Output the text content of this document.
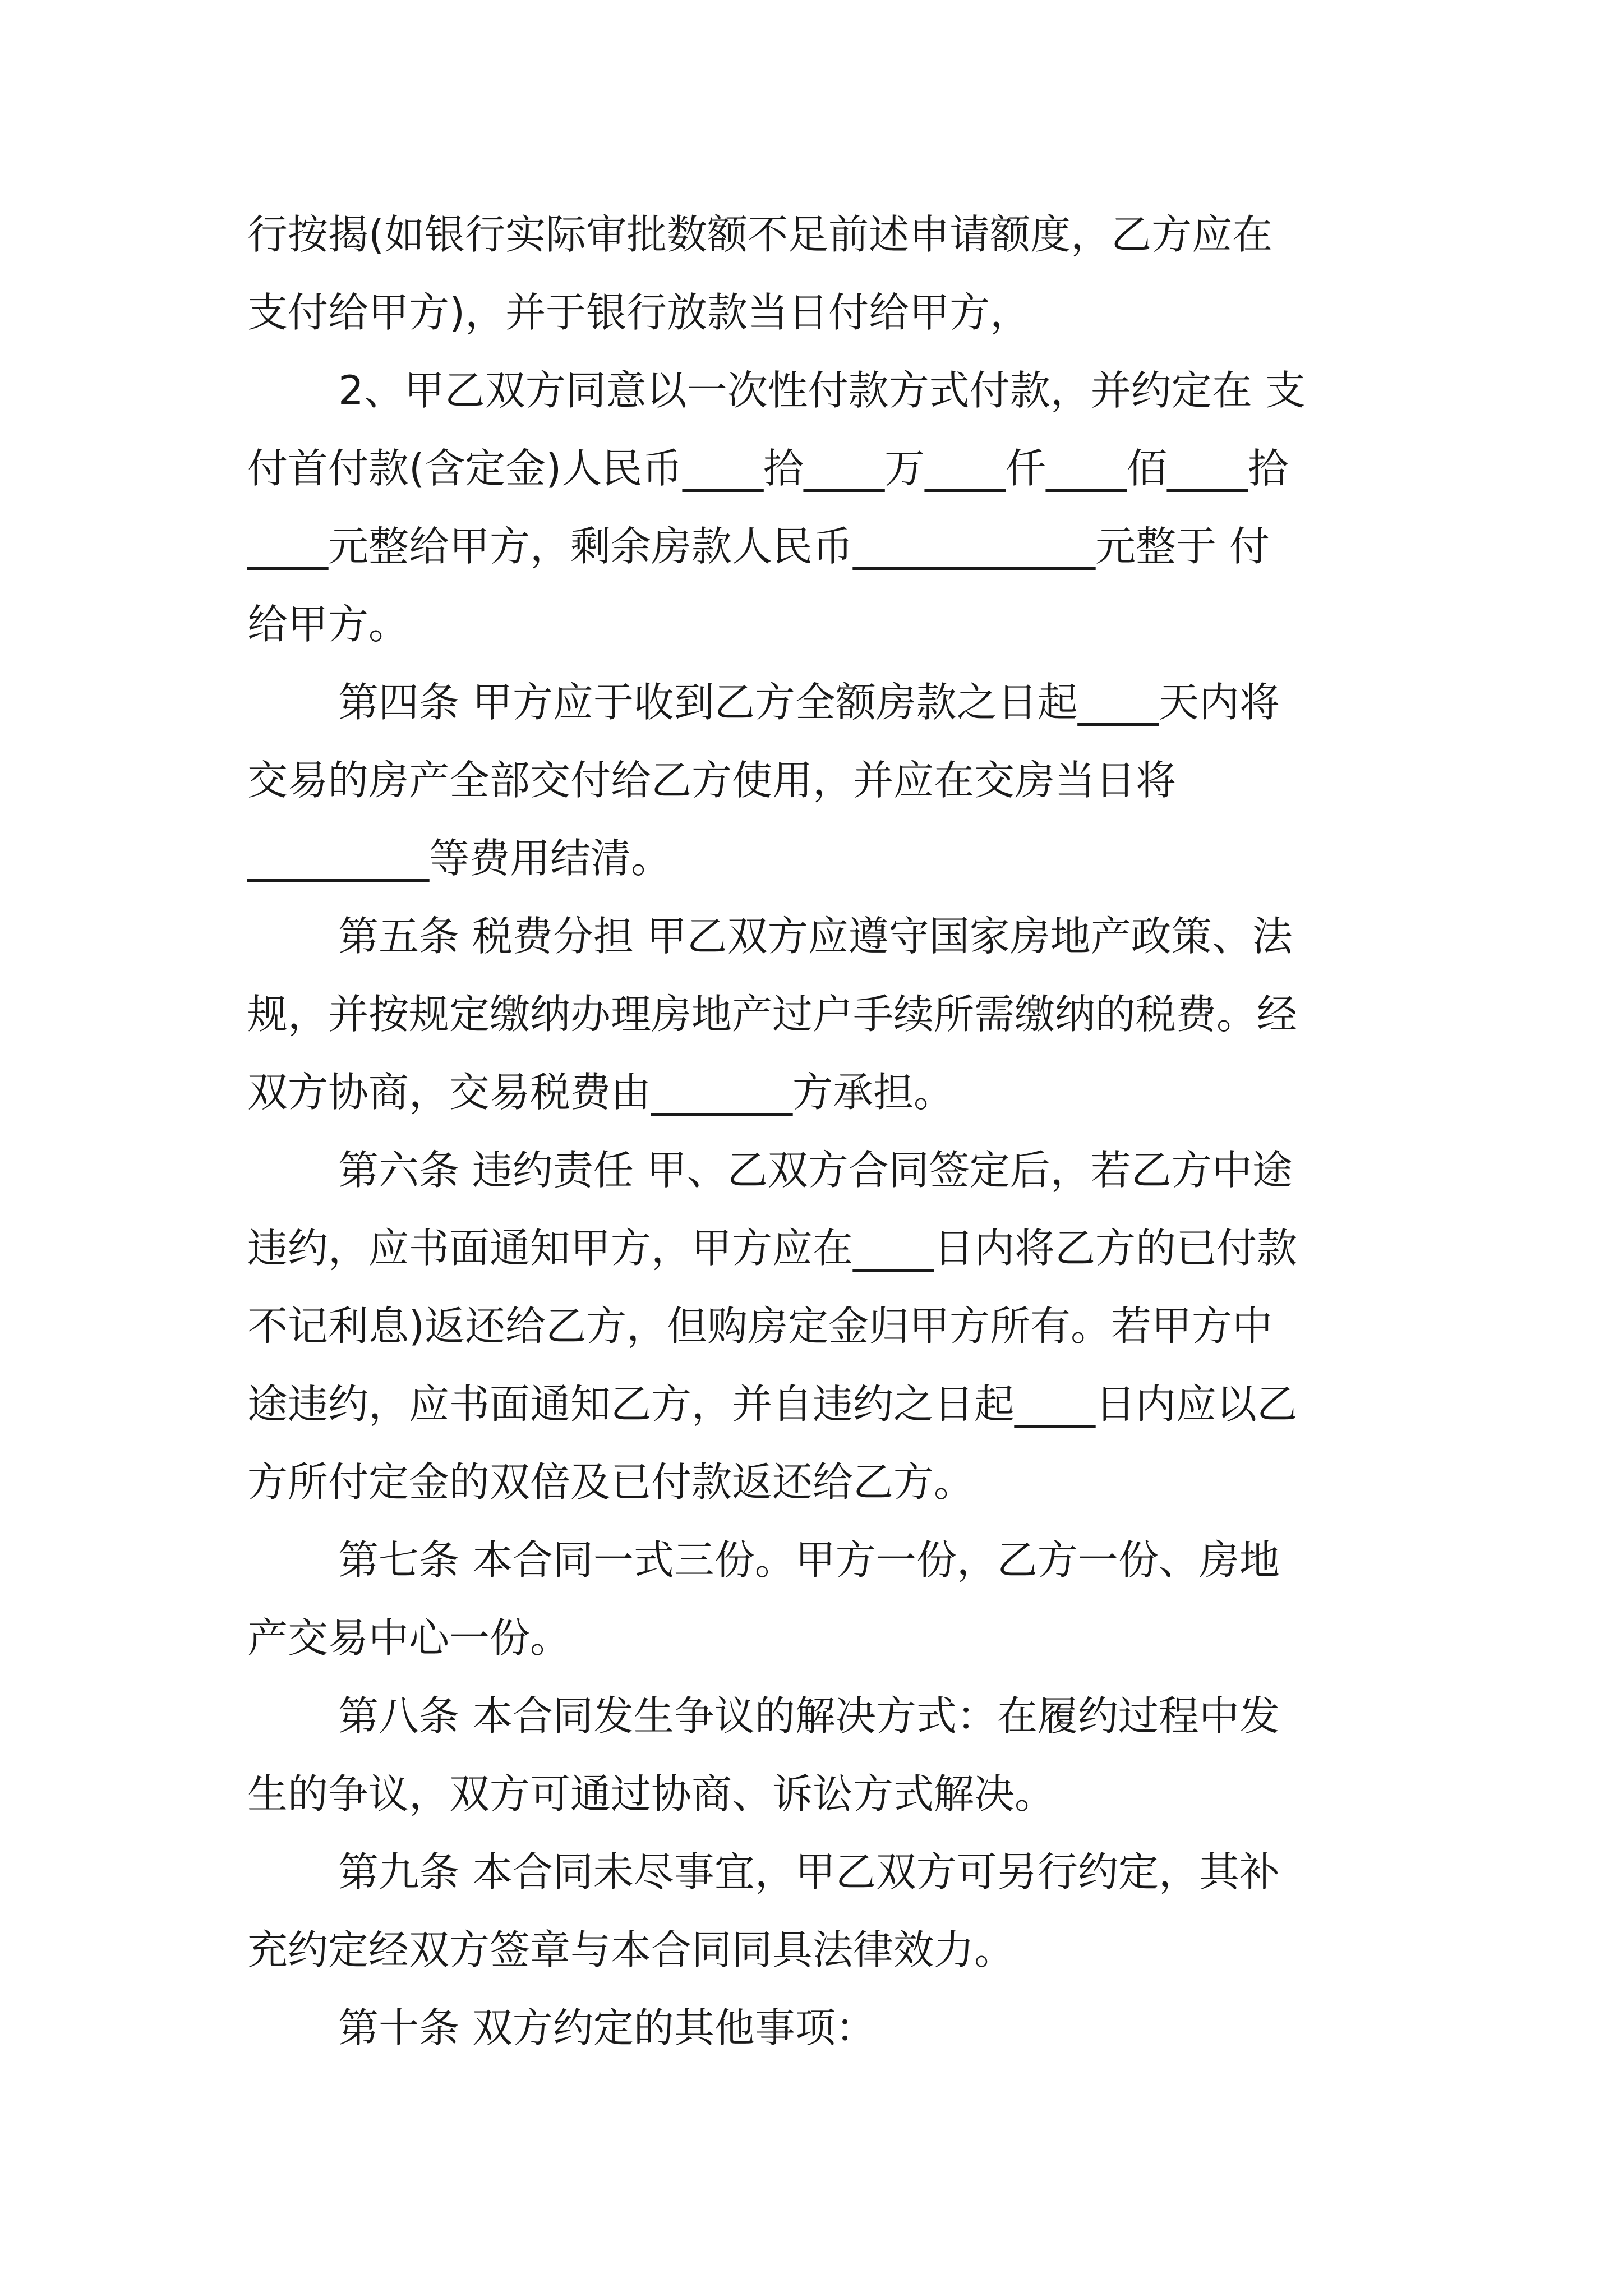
行按揭(如银行实际审批数额不足前述申请额度，乙方应在
支付给甲方)，并于银行放款当日付给甲方，
2、甲乙双方同意以一次性付款方式付款，并约定在 支
付首付款(含定金)人民币____拾____万____仟____佰____拾
____元整给甲方，剩余房款人民币____________元整于 付
给甲方。
第四条 甲方应于收到乙方全额房款之日起____天内将
交易的房产全部交付给乙方使用，并应在交房当日将
_________等费用结清。
第五条 税费分担 甲乙双方应遵守国家房地产政策、法
规，并按规定缴纳办理房地产过户手续所需缴纳的税费。经
双方协商，交易税费由_______方承担。
第六条 违约责任 甲、乙双方合同签定后，若乙方中途
违约，应书面通知甲方，甲方应在____日内将乙方的已付款
不记利息)返还给乙方，但购房定金归甲方所有。若甲方中
途违约，应书面通知乙方，并自违约之日起____日内应以乙
方所付定金的双倍及已付款返还给乙方。
第七条 本合同一式三份。甲方一份，乙方一份、房地
产交易中心一份。
第八条 本合同发生争议的解决方式：在履约过程中发
生的争议，双方可通过协商、诉讼方式解决。
第九条 本合同未尽事宜，甲乙双方可另行约定，其补
充约定经双方签章与本合同同具法律效力。
第十条 双方约定的其他事项：
